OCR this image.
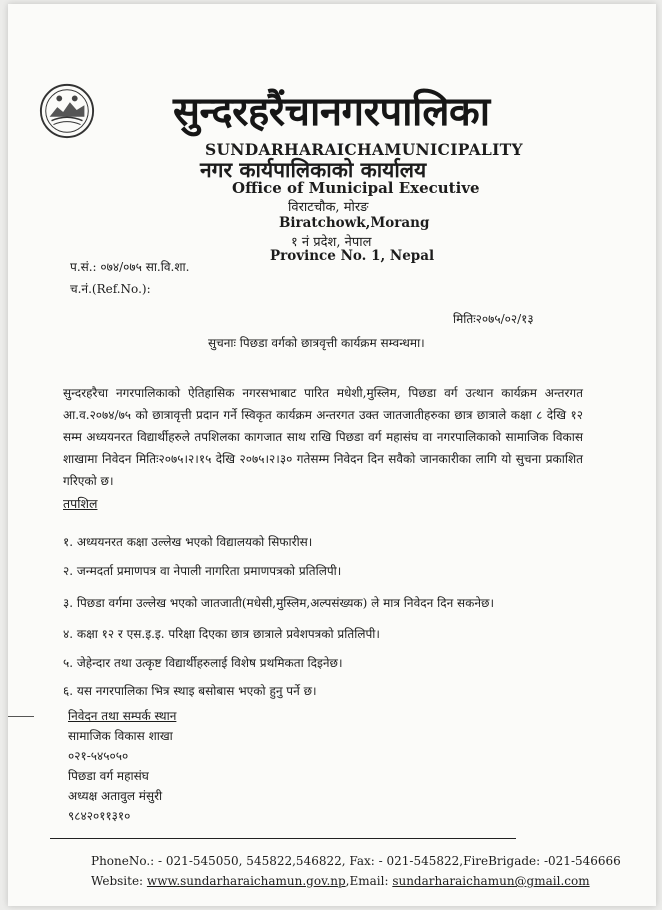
सुन्दरहरैंचानगरपालिका
SUNDARHARAICHAMUNICIPALITY
नगर कार्यपालिकाको कार्यालय
Office of Municipal Executive
विराटचौक, मोरङ
Biratchowk,Morang
१ नं प्रदेश, नेपाल
Province No. 1, Nepal
प.सं.: ०७४/०७५ सा.वि.शा.
च.नं.(Ref.No.):
मितिः२०७५/०२/१३
सुचनाः पिछडा वर्गको छात्रवृत्ती कार्यक्रम सम्वन्धमा।
सुन्दरहरैचा नगरपालिकाको ऐतिहासिक नगरसभाबाट पारित मधेशी,मुस्लिम, पिछडा वर्ग उत्थान कार्यक्रम अन्तरगत आ.व.२०७४/७५ को छात्रावृत्ती प्रदान गर्ने स्विकृत कार्यक्रम अन्तरगत उक्त जातजातीहरुका छात्र छात्राले कक्षा ८ देखि १२ सम्म अध्ययनरत विद्यार्थीहरुले तपशिलका कागजात साथ राखि पिछडा वर्ग महासंघ वा नगरपालिकाको सामाजिक विकास शाखामा निवेदन मितिः२०७५।२।१५ देखि २०७५।२।३० गतेसम्म निवेदन दिन सवैको जानकारीका लागि यो सुचना प्रकाशित गरिएको छ।
तपशिल
१. अध्ययनरत कक्षा उल्लेख भएको विद्यालयको सिफारीस।
२. जन्मदर्ता प्रमाणपत्र वा नेपाली नागरिता प्रमाणपत्रको प्रतिलिपी।
३. पिछडा वर्गमा उल्लेख भएको जातजाती(मधेसी,मुस्लिम,अल्पसंख्यक) ले मात्र निवेदन दिन सकनेछ।
४. कक्षा १२ र एस.इ.इ. परिक्षा दिएका छात्र छात्राले प्रवेशपत्रको प्रतिलिपी।
५. जेहेन्दार तथा उत्कृष्ट विद्यार्थीहरुलाई विशेष प्रथमिकता दिइनेछ।
६. यस नगरपालिका भित्र स्थाइ बसोबास भएको हुनु पर्ने छ।
निवेदन तथा सम्पर्क स्थान
सामाजिक विकास शाखा
०२१-५४५०५०
पिछडा वर्ग महासंघ
अध्यक्ष अतावुल मंसुरी
९८४२०११३१०
PhoneNo.: - 021-545050, 545822,546822, Fax: - 021-545822,FireBrigade: -021-546666
Website: www.sundarharaichamun.gov.np,Email: sundarharaichamun@gmail.com
